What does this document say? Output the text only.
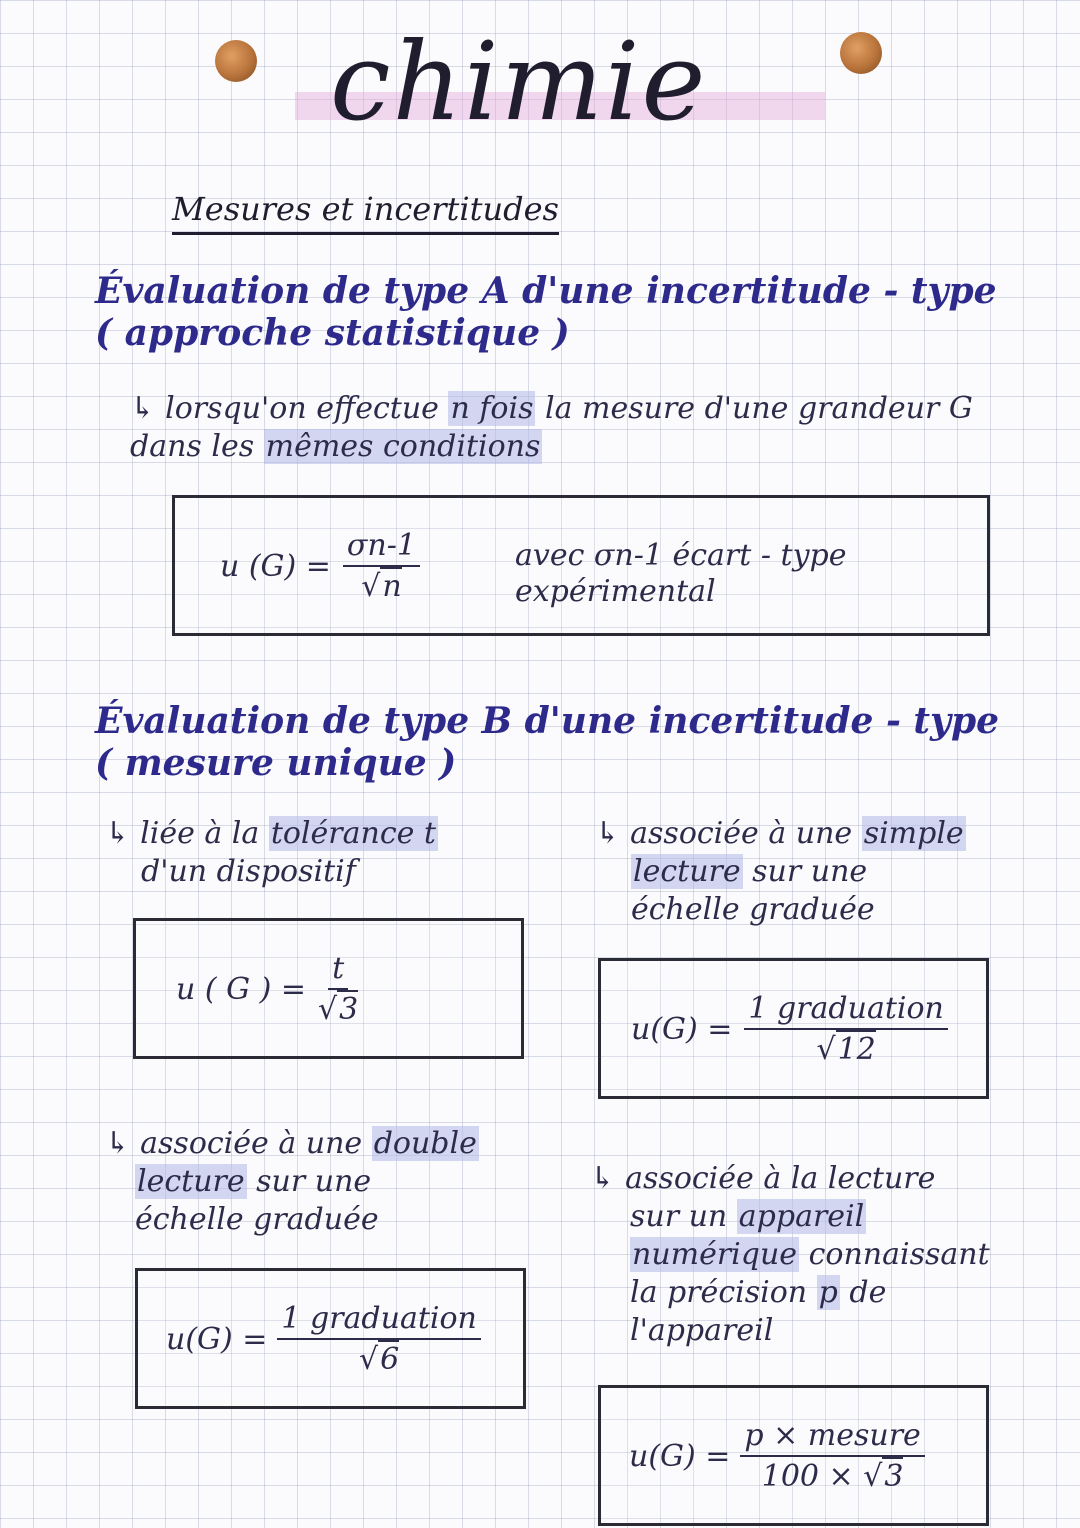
chimie
Mesures et incertitudes
Évaluation de type A d'une incertitude - type
( approche statistique )
↳ lorsqu'on effectue n fois la mesure d'une grandeur G dans les mêmes conditions
u $(G) = \frac{\sigma n-1}{√n}$	avec σn-1 écart - type
expérimental
Évaluation de type B d'une incertitude - type
( mesure unique )
↳ liée à la tolérance t
d'un dispositif
u ( G ) = $\frac{t}{√3}$
↳ associée à une simple
lecture sur une
échelle graduée
$u(G) = \frac{\text{1 graduation}}{√12}$
↳ associée à une double
lecture sur une
échelle graduée
$u(G) = \frac{\text{1 graduation}}{√6}$
↳ associée à la lecture
sur un appareil
numérique connaissant
la précision p de
l'appareil
$u(G) = \frac{\text{p × mesure}}{100 \times √3}$
